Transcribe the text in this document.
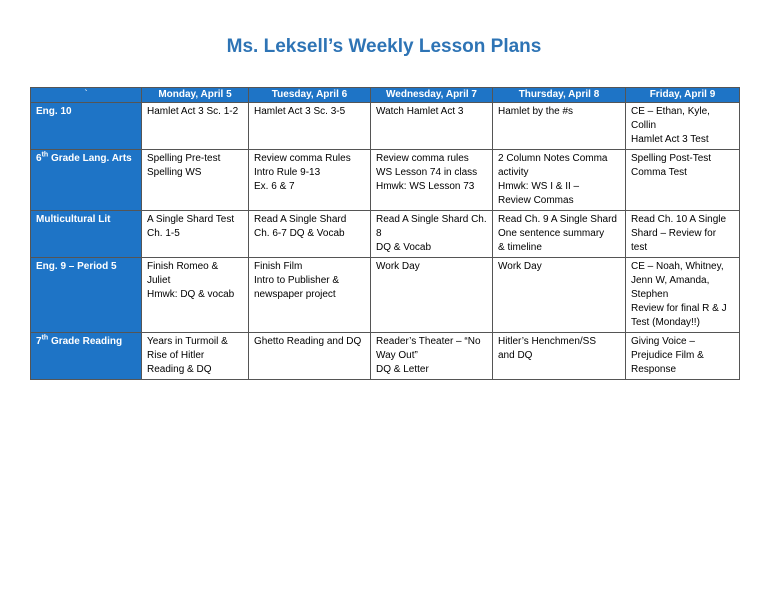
Ms. Leksell’s Weekly Lesson Plans
`	Monday, April 5	Tuesday, April 6	Wednesday, April 7	Thursday, April 8	Friday, April 9
Eng. 10	Hamlet Act 3 Sc. 1-2	Hamlet Act 3 Sc. 3-5	Watch Hamlet Act 3	Hamlet by the #s	CE – Ethan, Kyle,
Collin
Hamlet Act 3 Test

6th Grade Lang. Arts	Spelling Pre-test
Spelling WS	Review comma Rules
Intro Rule 9-13
Ex. 6 & 7	Review comma rules
WS Lesson 74 in class
Hmwk: WS Lesson 73	2 Column Notes Comma
activity
Hmwk: WS I & II –
Review Commas	Spelling Post-Test
Comma Test

Multicultural Lit	A Single Shard Test
Ch. 1-5	Read A Single Shard
Ch. 6-7 DQ & Vocab	Read A Single Shard Ch.
8
DQ & Vocab	Read Ch. 9 A Single Shard
One sentence summary
& timeline	Read Ch. 10 A Single
Shard – Review for
test

Eng. 9 – Period 5	Finish Romeo &
Juliet
Hmwk: DQ & vocab	Finish Film
Intro to Publisher &
newspaper project	Work Day	Work Day	CE – Noah, Whitney,
Jenn W, Amanda,
Stephen
Review for final R & J
Test (Monday!!)

7th Grade Reading	Years in Turmoil &
Rise of Hitler
Reading & DQ	Ghetto Reading and DQ	Reader’s Theater – “No
Way Out”
DQ & Letter	Hitler’s Henchmen/SS
and DQ	Giving Voice –
Prejudice Film &
Response
